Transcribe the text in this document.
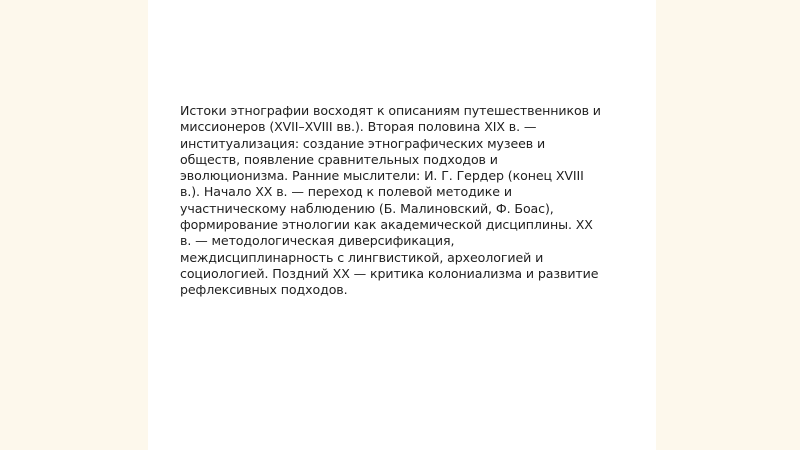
Истоки этнографии восходят к описаниям путешественников и
миссионеров (XVII–XVIII вв.). Вторая половина XIX в. —
институализация: создание этнографических музеев и
обществ, появление сравнительных подходов и
эволюционизма. Ранние мыслители: И. Г. Гердер (конец XVIII
в.). Начало XX в. — переход к полевой методике и
участническому наблюдению (Б. Малиновский, Ф. Боас),
формирование этнологии как академической дисциплины. XX
в. — методологическая диверсификация,
междисциплинарность с лингвистикой, археологией и
социологией. Поздний XX — критика колониализма и развитие
рефлексивных подходов.
